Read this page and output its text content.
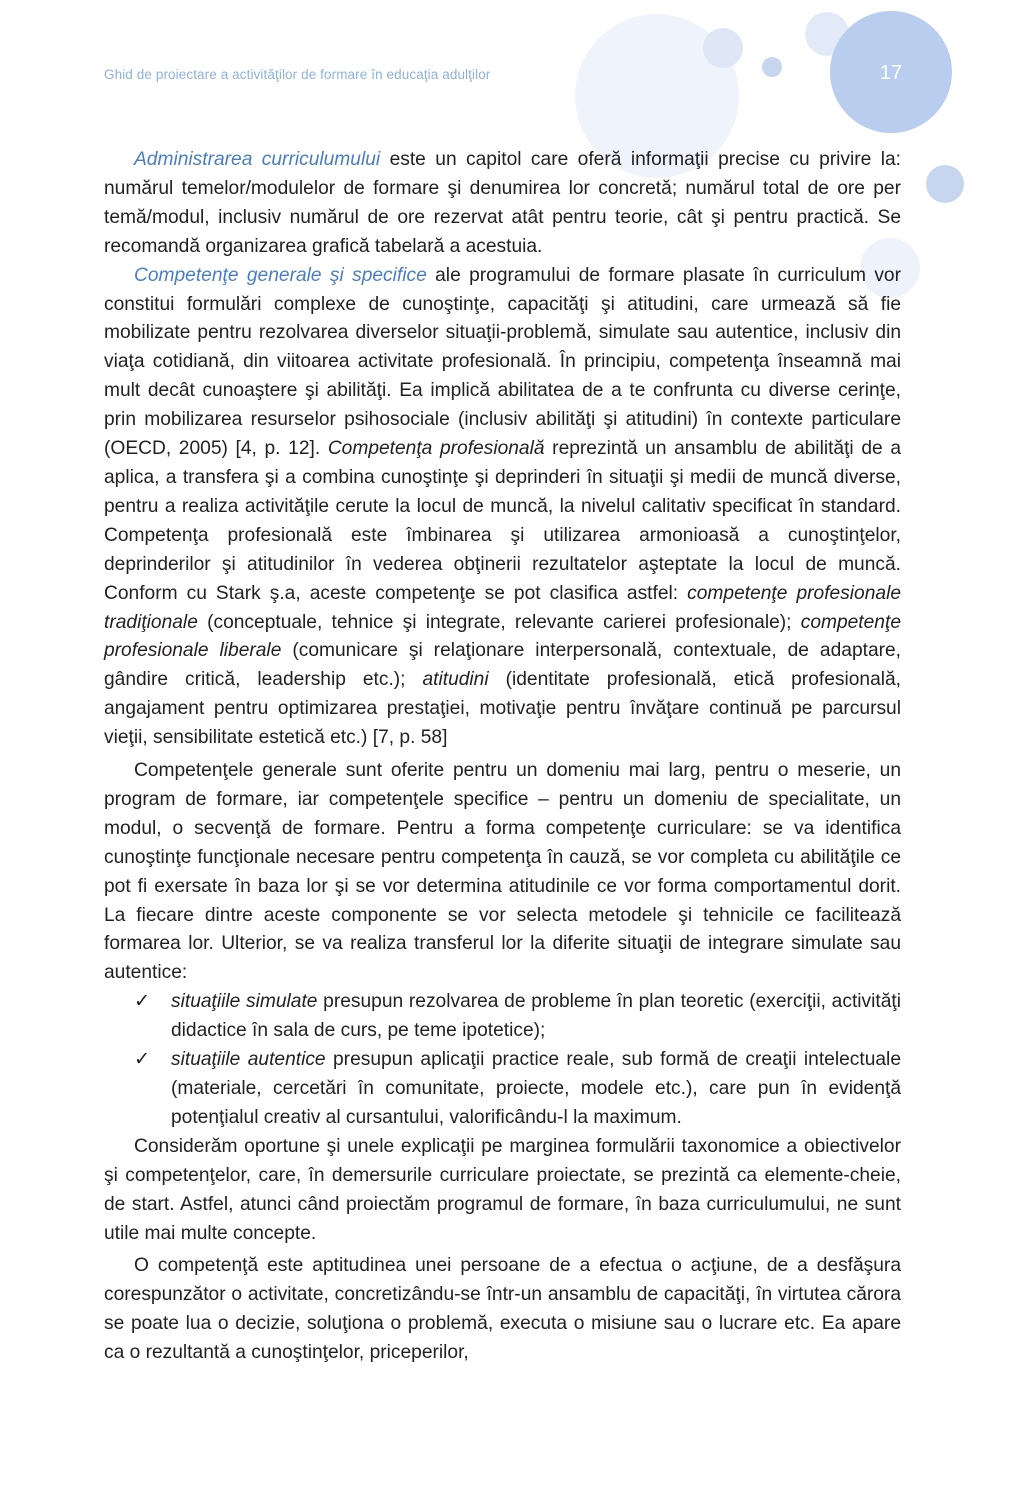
Ghid de proiectare a activităţilor de formare în educaţia adulţilor	17

Administrarea curriculumului este un capitol care oferă informaţii precise cu privire la: numărul temelor/modulelor de formare şi denumirea lor concretă; numărul total de ore per temă/modul, inclusiv numărul de ore rezervat atât pentru teorie, cât şi pentru practică. Se recomandă organizarea grafică tabelară a acestuia.

Competenţe generale şi specifice ale programului de formare plasate în curriculum vor constitui formulări complexe de cunoştinţe, capacităţi şi atitudini, care urmează să fie mobilizate pentru rezolvarea diverselor situaţii-problemă, simulate sau autentice, inclusiv din viaţa cotidiană, din viitoarea activitate profesională. În principiu, competenţa înseamnă mai mult decât cunoaştere şi abilităţi. Ea implică abilitatea de a te confrunta cu diverse cerinţe, prin mobilizarea resurselor psihosociale (inclusiv abilităţi şi atitudini) în contexte particulare (OECD, 2005) [4, p. 12]. Competenţa profesională reprezintă un ansamblu de abilităţi de a aplica, a transfera şi a combina cunoştinţe şi deprinderi în situaţii şi medii de muncă diverse, pentru a realiza activităţile cerute la locul de muncă, la nivelul calitativ specificat în standard. Competenţa profesională este îmbinarea şi utilizarea armonioasă a cunoştinţelor, deprinderilor şi atitudinilor în vederea obţinerii rezultatelor aşteptate la locul de muncă. Conform cu Stark ş.a, aceste competenţe se pot clasifica astfel: competenţe profesionale tradiţionale (conceptuale, tehnice şi integrate, relevante carierei profesionale); competenţe profesionale liberale (comunicare şi relaţionare interpersonală, contextuale, de adaptare, gândire critică, leadership etc.); atitudini (identitate profesională, etică profesională, angajament pentru optimizarea prestaţiei, motivaţie pentru învăţare continuă pe parcursul vieţii, sensibilitate estetică etc.) [7, p. 58]

Competenţele generale sunt oferite pentru un domeniu mai larg, pentru o meserie, un program de formare, iar competenţele specifice – pentru un domeniu de specialitate, un modul, o secvenţă de formare. Pentru a forma competenţe curriculare: se va identifica cunoştinţe funcţionale necesare pentru competenţa în cauză, se vor completa cu abilităţile ce pot fi exersate în baza lor şi se vor determina atitudinile ce vor forma comportamentul dorit. La fiecare dintre aceste componente se vor selecta metodele şi tehnicile ce facilitează formarea lor. Ulterior, se va realiza transferul lor la diferite situaţii de integrare simulate sau autentice:

✓ situaţiile simulate presupun rezolvarea de probleme în plan teoretic (exerciţii, activităţi didactice în sala de curs, pe teme ipotetice);
✓ situaţiile autentice presupun aplicaţii practice reale, sub formă de creaţii intelectuale (materiale, cercetări în comunitate, proiecte, modele etc.), care pun în evidenţă potenţialul creativ al cursantului, valorificându-l la maximum.

Considerăm oportune şi unele explicaţii pe marginea formulării taxonomice a obiectivelor şi competenţelor, care, în demersurile curriculare proiectate, se prezintă ca elemente-cheie, de start. Astfel, atunci când proiectăm programul de formare, în baza curriculumului, ne sunt utile mai multe concepte.

O competenţă este aptitudinea unei persoane de a efectua o acţiune, de a desfăşura corespunzător o activitate, concretizându-se într-un ansamblu de capacităţi, în virtutea cărora se poate lua o decizie, soluţiona o problemă, executa o misiune sau o lucrare etc. Ea apare ca o rezultantă a cunoştinţelor, priceperilor,
